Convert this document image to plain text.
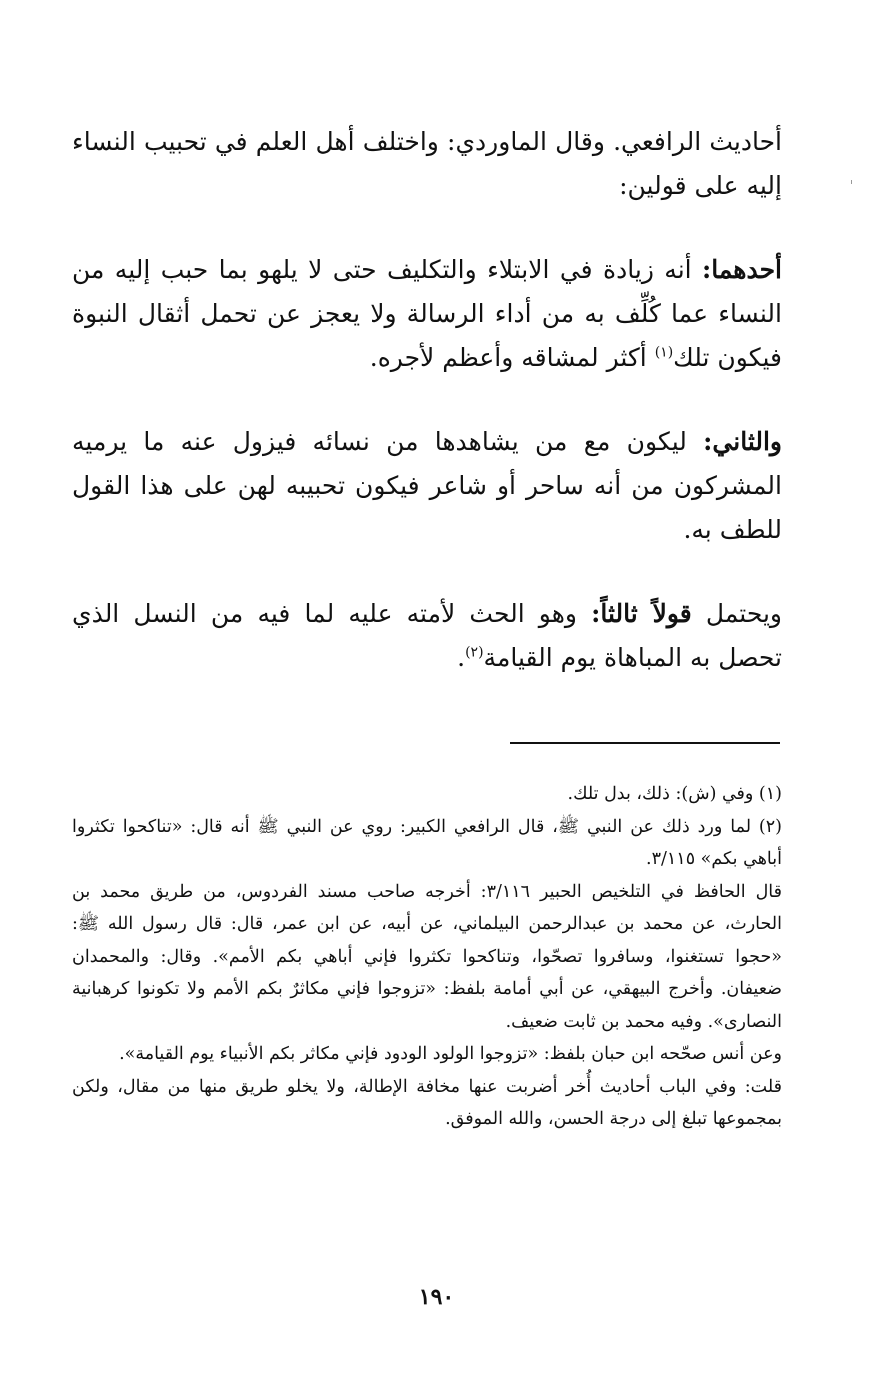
أحاديث الرافعي. وقال الماوردي: واختلف أهل العلم في تحبيب النساء إليه على قولين:

أحدهما: أنه زيادة في الابتلاء والتكليف حتى لا يلهو بما حبب إليه من النساء عما كُلِّف به من أداء الرسالة ولا يعجز عن تحمل أثقال النبوة فيكون تلك$^{(١)}$ أكثر لمشاقه وأعظم لأجره.

والثاني: ليكون مع من يشاهدها من نسائه فيزول عنه ما يرميه المشركون من أنه ساحر أو شاعر فيكون تحبيبه لهن على هذا القول للطف به.

ويحتمل قولاً ثالثاً: وهو الحث لأمته عليه لما فيه من النسل الذي تحصل به المباهاة يوم القيامة$^{(٢)}$.

(١) وفي (ش): ذلك، بدل تلك.

(٢) لما ورد ذلك عن النبي ﷺ، قال الرافعي الكبير: روي عن النبي ﷺ أنه قال: «تناكحوا تكثروا أباهي بكم» ٣/١١٥.

قال الحافظ في التلخيص الحبير ٣/١١٦: أخرجه صاحب مسند الفردوس، من طريق محمد بن الحارث، عن محمد بن عبدالرحمن البيلماني، عن أبيه، عن ابن عمر، قال: قال رسول الله ﷺ: «حجوا تستغنوا، وسافروا تصحّوا، وتناكحوا تكثروا فإني أباهي بكم الأمم». وقال: والمحمدان ضعيفان. وأخرج البيهقي، عن أبي أمامة بلفظ: «تزوجوا فإني مكاثرٌ بكم الأمم ولا تكونوا كرهبانية النصارى». وفيه محمد بن ثابت ضعيف.

وعن أنس صحّحه ابن حبان بلفظ: «تزوجوا الولود الودود فإني مكاثر بكم الأنبياء يوم القيامة».

قلت: وفي الباب أحاديث أُخر أضربت عنها مخافة الإطالة، ولا يخلو طريق منها من مقال، ولكن بمجموعها تبلغ إلى درجة الحسن، والله الموفق.

١٩٠
